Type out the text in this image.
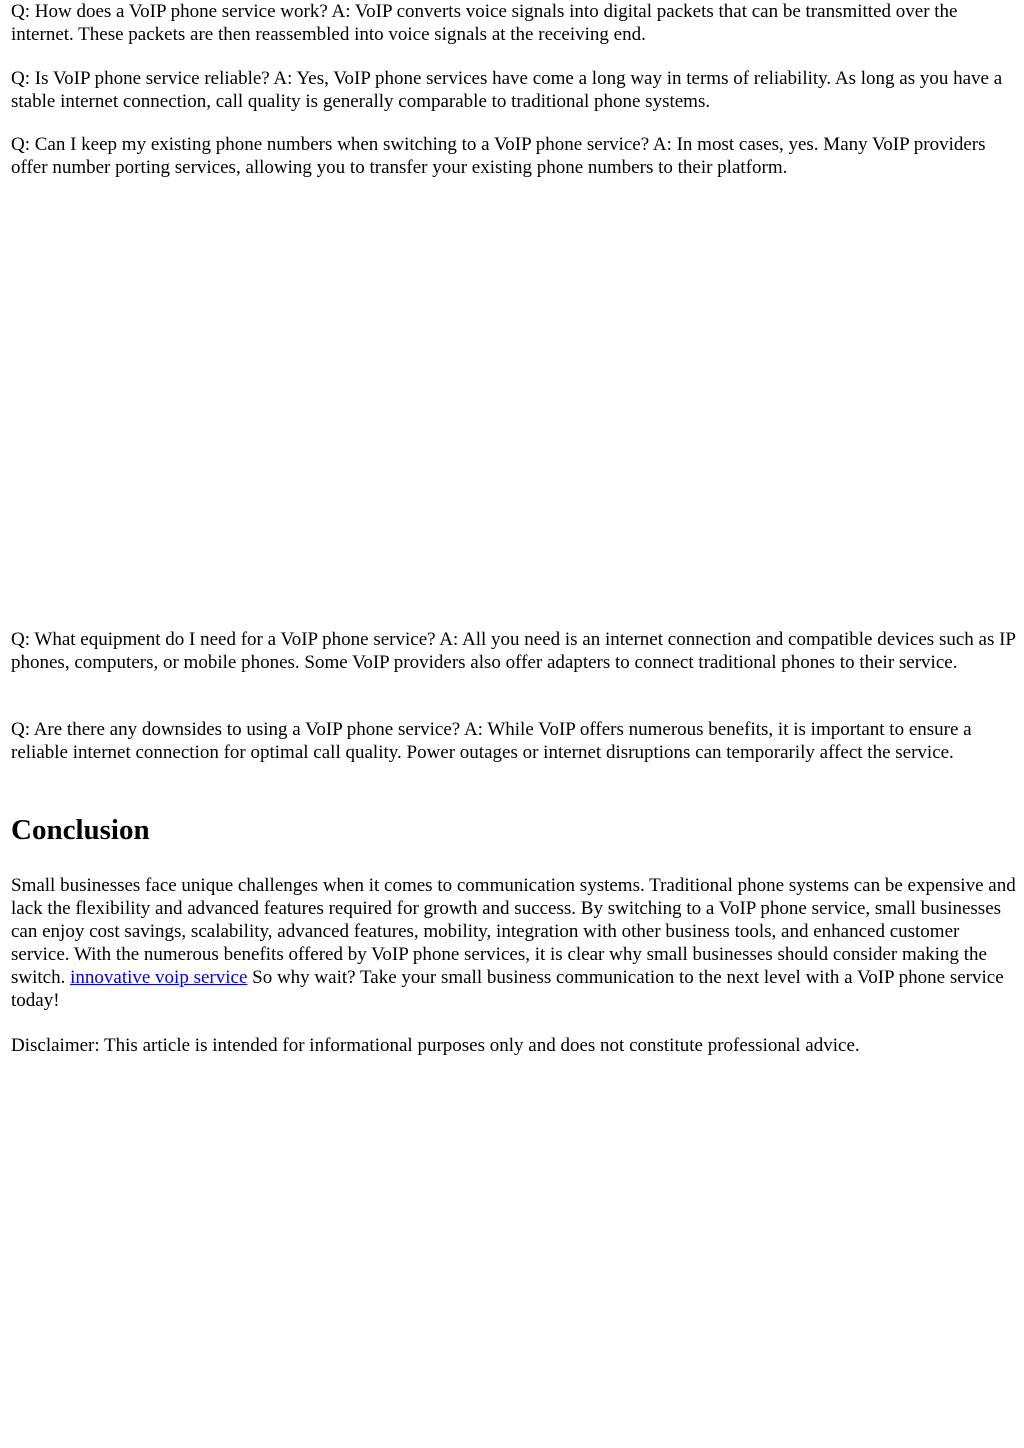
Q: How does a VoIP phone service work? A: VoIP converts voice signals into digital packets that can be transmitted over the internet. These packets are then reassembled into voice signals at the receiving end.

Q: Is VoIP phone service reliable? A: Yes, VoIP phone services have come a long way in terms of reliability. As long as you have a stable internet connection, call quality is generally comparable to traditional phone systems.

Q: Can I keep my existing phone numbers when switching to a VoIP phone service? A: In most cases, yes. Many VoIP providers offer number porting services, allowing you to transfer your existing phone numbers to their platform.

Q: What equipment do I need for a VoIP phone service? A: All you need is an internet connection and compatible devices such as IP phones, computers, or mobile phones. Some VoIP providers also offer adapters to connect traditional phones to their service.

Q: Are there any downsides to using a VoIP phone service? A: While VoIP offers numerous benefits, it is important to ensure a reliable internet connection for optimal call quality. Power outages or internet disruptions can temporarily affect the service.

Conclusion

Small businesses face unique challenges when it comes to communication systems. Traditional phone systems can be expensive and lack the flexibility and advanced features required for growth and success. By switching to a VoIP phone service, small businesses can enjoy cost savings, scalability, advanced features, mobility, integration with other business tools, and enhanced customer service. With the numerous benefits offered by VoIP phone services, it is clear why small businesses should consider making the switch. innovative voip service So why wait? Take your small business communication to the next level with a VoIP phone service today!

Disclaimer: This article is intended for informational purposes only and does not constitute professional advice.
